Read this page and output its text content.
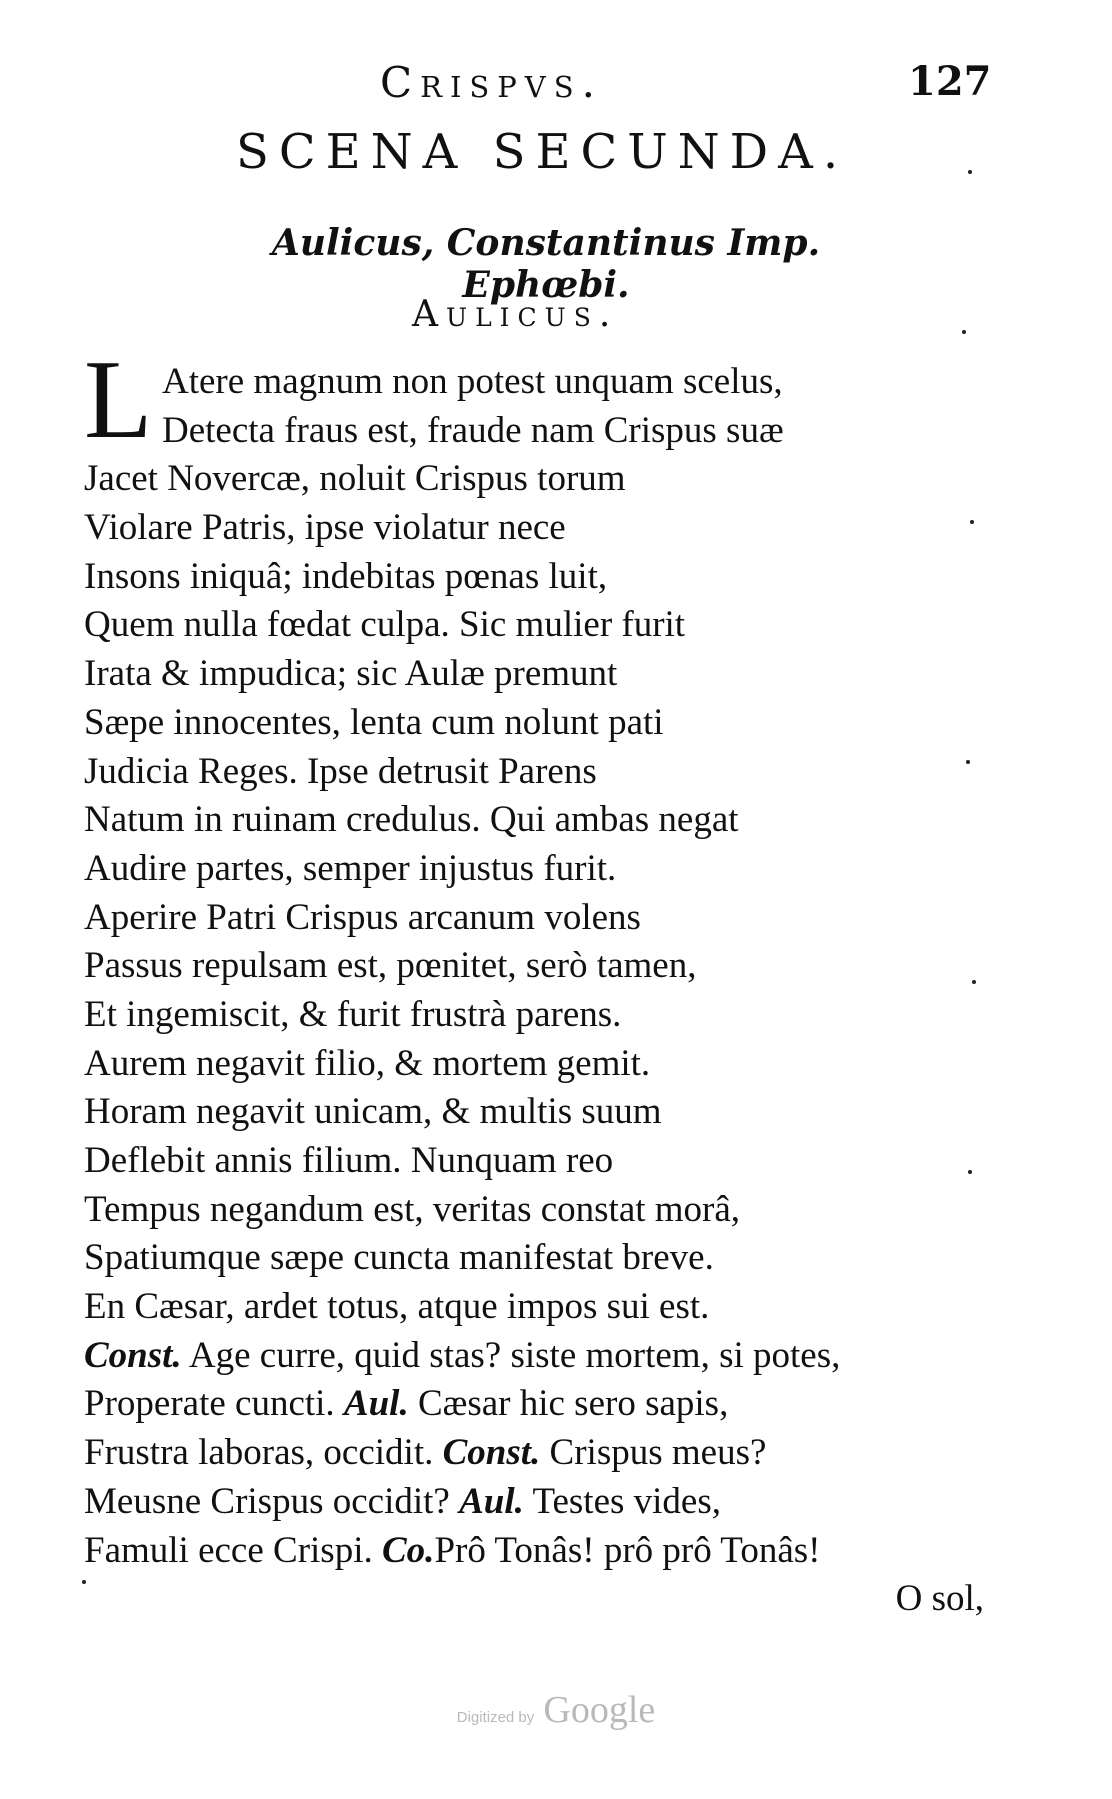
Crispvs.	127
SCENA SECUNDA.
Aulicus, Constantinus Imp. Ephœbi.
Aulicus.
L Atere magnum non potest unquam scelus,
Detecta fraus est, fraude nam Crispus suæ
Jacet Novercæ, noluit Crispus torum
Violare Patris, ipse violatur nece
Insons iniquâ; indebitas pœnas luit,
Quem nulla fœdat culpa. Sic mulier furit
Irata & impudica; sic Aulæ premunt
Sæpe innocentes, lenta cum nolunt pati
Judicia Reges. Ipse detrusit Parens
Natum in ruinam credulus. Qui ambas negat
Audire partes, semper injustus furit.
Aperire Patri Crispus arcanum volens
Passus repulsam est, pœnitet, serò tamen,
Et ingemiscit, & furit frustrà parens.
Aurem negavit filio, & mortem gemit.
Horam negavit unicam, & multis suum
Deflebit annis filium. Nunquam reo
Tempus negandum est, veritas constat morâ,
Spatiumque sæpe cuncta manifestat breve.
En Cæsar, ardet totus, atque impos sui est.
Const. Age curre, quid stas? siste mortem, si potes,
Properate cuncti. Aul. Cæsar hic sero sapis,
Frustra laboras, occidit. Const. Crispus meus?
Meusne Crispus occidit? Aul. Testes vides,
Famuli ecce Crispi. Co.Prô Tonâs! prô prô Tonâs!
O sol,
Digitized by Google
